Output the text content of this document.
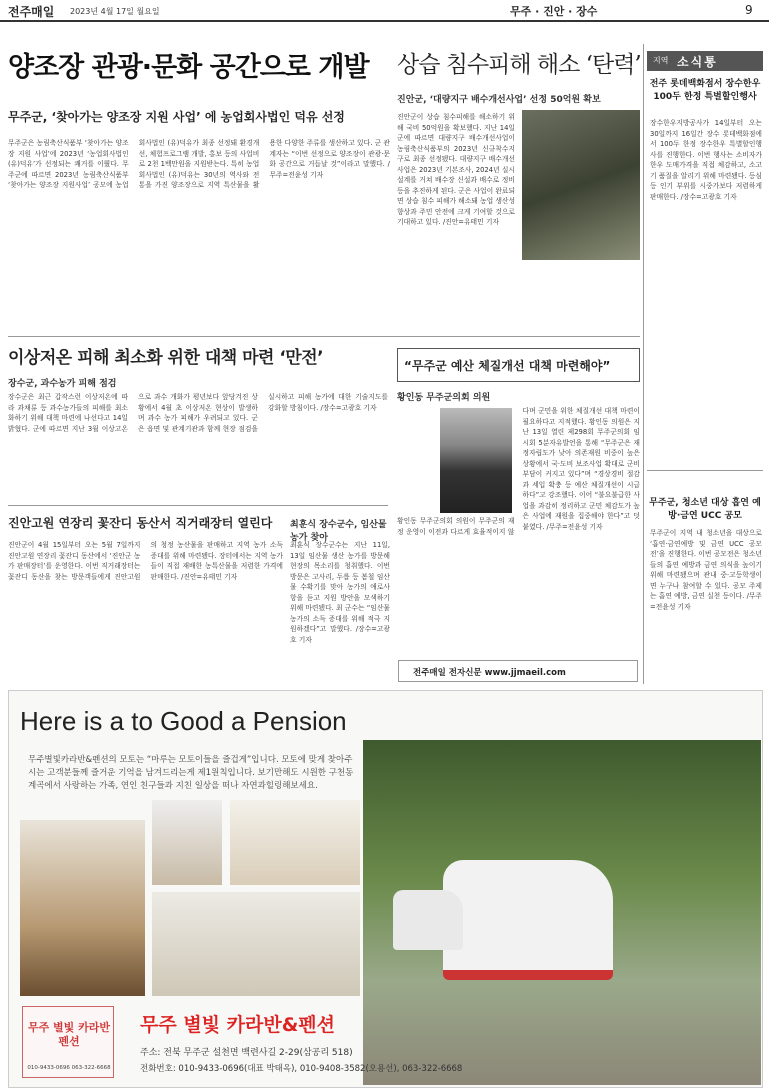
전주매일 2023년 4월 17일 월요일	무주 · 진안 · 장수	9
양조장 관광·문화 공간으로 개발
무주군, ‘찾아가는 양조장 지원 사업’ 에 농업회사법인 덕유 선정
무주군은 농림축산식품부 ‘찾아가는 양조장 지원 사업’에 2023년 ‘농업회사법인 (유)덕유’가 선정되는 쾌거를 이뤘다. 무주군에 따르면 2023년 농림축산식품부 ‘찾아가는 양조장 지원사업’ 공모에 농업회사법인 (유)덕유가 최종 선정돼 환경개선, 체험프로그램 개발, 홍보 등의 사업비로 2천 1백만원을 지원받는다. 특히 농업회사법인 (유)덕유는 30년의 역사와 전통을 가진 양조장으로 지역 특산물을 활용한 다양한 주류를 생산하고 있다. 군 관계자는 “이번 선정으로 양조장이 관광·문화 공간으로 거듭날 것”이라고 말했다. /무주=전윤성 기자
상습 침수피해 해소 ‘탄력’
진안군, ‘대량지구 배수개선사업’ 선정 50억원 확보
진안군이 상습 침수피해를 해소하기 위해 국비 50억원을 확보했다. 지난 14일 군에 따르면 대량지구 배수개선사업이 농림축산식품부의 2023년 신규착수지구로 최종 선정됐다. 대량지구 배수개선사업은 2023년 기본조사, 2024년 실시설계를 거쳐 배수장 신설과 배수로 정비 등을 추진하게 된다. 군은 사업이 완료되면 상습 침수 피해가 해소돼 농업 생산성 향상과 주민 안전에 크게 기여할 것으로 기대하고 있다. /진안=유태민 기자
이상저온 피해 최소화 위한 대책 마련 ‘만전’
장수군, 과수농가 피해 점검
장수군은 최근 갑작스런 이상저온에 따라 과채류 등 과수농가들의 피해를 최소화하기 위해 대책 마련에 나선다고 14일 밝혔다. 군에 따르면 지난 3월 이상고온으로 과수 개화가 평년보다 앞당겨진 상황에서 4월 초 이상저온 현상이 발생하며 과수 농가 피해가 우려되고 있다. 군은 읍면 및 관계기관과 함께 현장 점검을 실시하고 피해 농가에 대한 기술지도를 강화할 방침이다. /장수=고광호 기자
진안고원 연장리 꽃잔디 동산서 직거래장터 열린다
진안군이 4월 15일부터 오는 5월 7일까지 진안고원 연장리 꽃잔디 동산에서 ‘진안군 농가 판매장터’를 운영한다. 이번 직거래장터는 꽃잔디 동산을 찾는 방문객들에게 진안고원의 청정 농산물을 판매하고 지역 농가 소득 증대를 위해 마련됐다. 장터에서는 지역 농가들이 직접 재배한 농특산물을 저렴한 가격에 판매한다. /진안=유태민 기자
최훈식 장수군수, 임산물 농가 찾아
최훈식 장수군수는 지난 11일, 13일 임산물 생산 농가를 방문해 현장의 목소리를 청취했다. 이번 방문은 고사리, 두릅 등 봄철 임산물 수확기를 맞아 농가의 애로사항을 듣고 지원 방안을 모색하기 위해 마련됐다. 최 군수는 “임산물 농가의 소득 증대를 위해 적극 지원하겠다”고 말했다. /장수=고광호 기자
“무주군 예산 체질개선 대책 마련해야”
황인동 무주군의회 의원
황인동 무주군의회 의원이 무주군의 재정 운영이 이전과 다르게 효율적이지 않다며 군민을 위한 체질개선 대책 마련이 필요하다고 지적했다. 황인동 의원은 지난 13일 열린 제298회 무주군의회 임시회 5분자유발언을 통해 “무주군은 재정자립도가 낮아 의존재원 비중이 높은 상황에서 국·도비 보조사업 확대로 군비 부담이 커지고 있다”며 “경상경비 절감과 세입 확충 등 예산 체질개선이 시급하다”고 강조했다. 이어 “불요불급한 사업을 과감히 정리하고 군민 체감도가 높은 사업에 재원을 집중해야 한다”고 덧붙였다. /무주=전윤성 기자
전주매일 전자신문 www.jjmaeil.com
지역 소식통
전주 롯데백화점서 장수한우 100두 한정 특별할인행사
장수한우지방공사가 14일부터 오는 30일까지 16일간 장수 롯데백화점에서 100두 한정 장수한우 특별할인행사를 진행한다. 이번 행사는 소비자가 한우 도매가격을 직접 체감하고, 소고기 품질을 알리기 위해 마련됐다. 등심 등 인기 부위를 시중가보다 저렴하게 판매한다. /장수=고광호 기자
무주군, 청소년 대상 흡연 예방·금연 UCC 공모
무주군이 지역 내 청소년을 대상으로 ‘흡연·금연예방 및 금연 UCC 공모전’을 진행한다. 이번 공모전은 청소년들의 흡연 예방과 금연 의식을 높이기 위해 마련됐으며 관내 중·고등학생이면 누구나 참여할 수 있다. 공모 주제는 흡연 예방, 금연 실천 등이다. /무주=전윤성 기자
Here is a to Good a Pension
무주별빛카라반&펜션의 모토는 “마루는 모토이들을 즐겁게”입니다. 모토에 맞게 찾아주시는 고객분들께 즐거운 기억을 남겨드리는게 제1원칙입니다. 보기만해도 시원한 구천동계곡에서 사랑하는 가족, 연인 친구들과 지친 일상을 떠나 자연과힐링해보세요.
무주 별빛 카라반 펜션
010-9433-0696 063-322-6668
무주 별빛 카라반&펜션
주소: 전북 무주군 설천면 백련사길 2-29(삼공리 518)
전화번호: 010-9433-0696(대표 박태옥), 010-9408-3582(오용선), 063-322-6668
